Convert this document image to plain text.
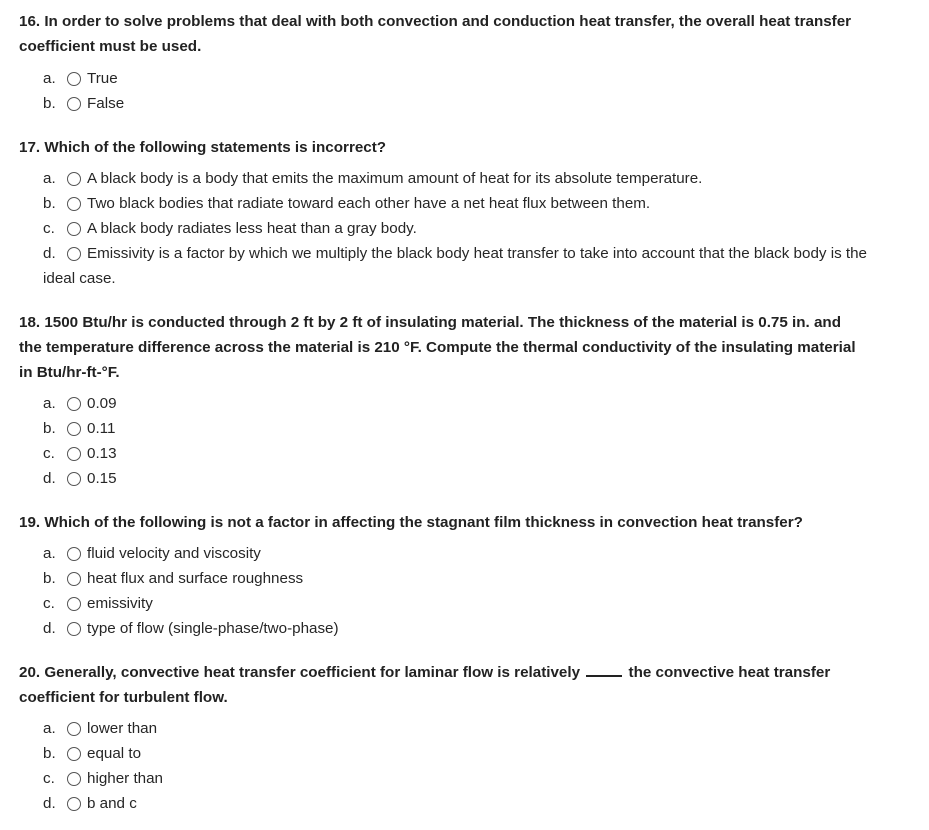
16. In order to solve problems that deal with both convection and conduction heat transfer, the overall heat transfer coefficient must be used.
a.	True
b.	False
17. Which of the following statements is incorrect?
a.	A black body is a body that emits the maximum amount of heat for its absolute temperature.
b.	Two black bodies that radiate toward each other have a net heat flux between them.
c.	A black body radiates less heat than a gray body.
d. Emissivity is a factor by which we multiply the black body heat transfer to take into account that the black body is the ideal case.
18. 1500 Btu/hr is conducted through 2 ft by 2 ft of insulating material. The thickness of the material is 0.75 in. and the temperature difference across the material is 210 °F. Compute the thermal conductivity of the insulating material in Btu/hr-ft-°F.
a.	0.09
b.	0.11
c.	0.13
d.	0.15
19. Which of the following is not a factor in affecting the stagnant film thickness in convection heat transfer?
a.	fluid velocity and viscosity
b.	heat flux and surface roughness
c.	emissivity
d.	type of flow (single-phase/two-phase)
20. Generally, convective heat transfer coefficient for laminar flow is relatively	the convective heat transfer coefficient for turbulent flow.
a.	lower than
b.	equal to
c.	higher than
d.	b and c
